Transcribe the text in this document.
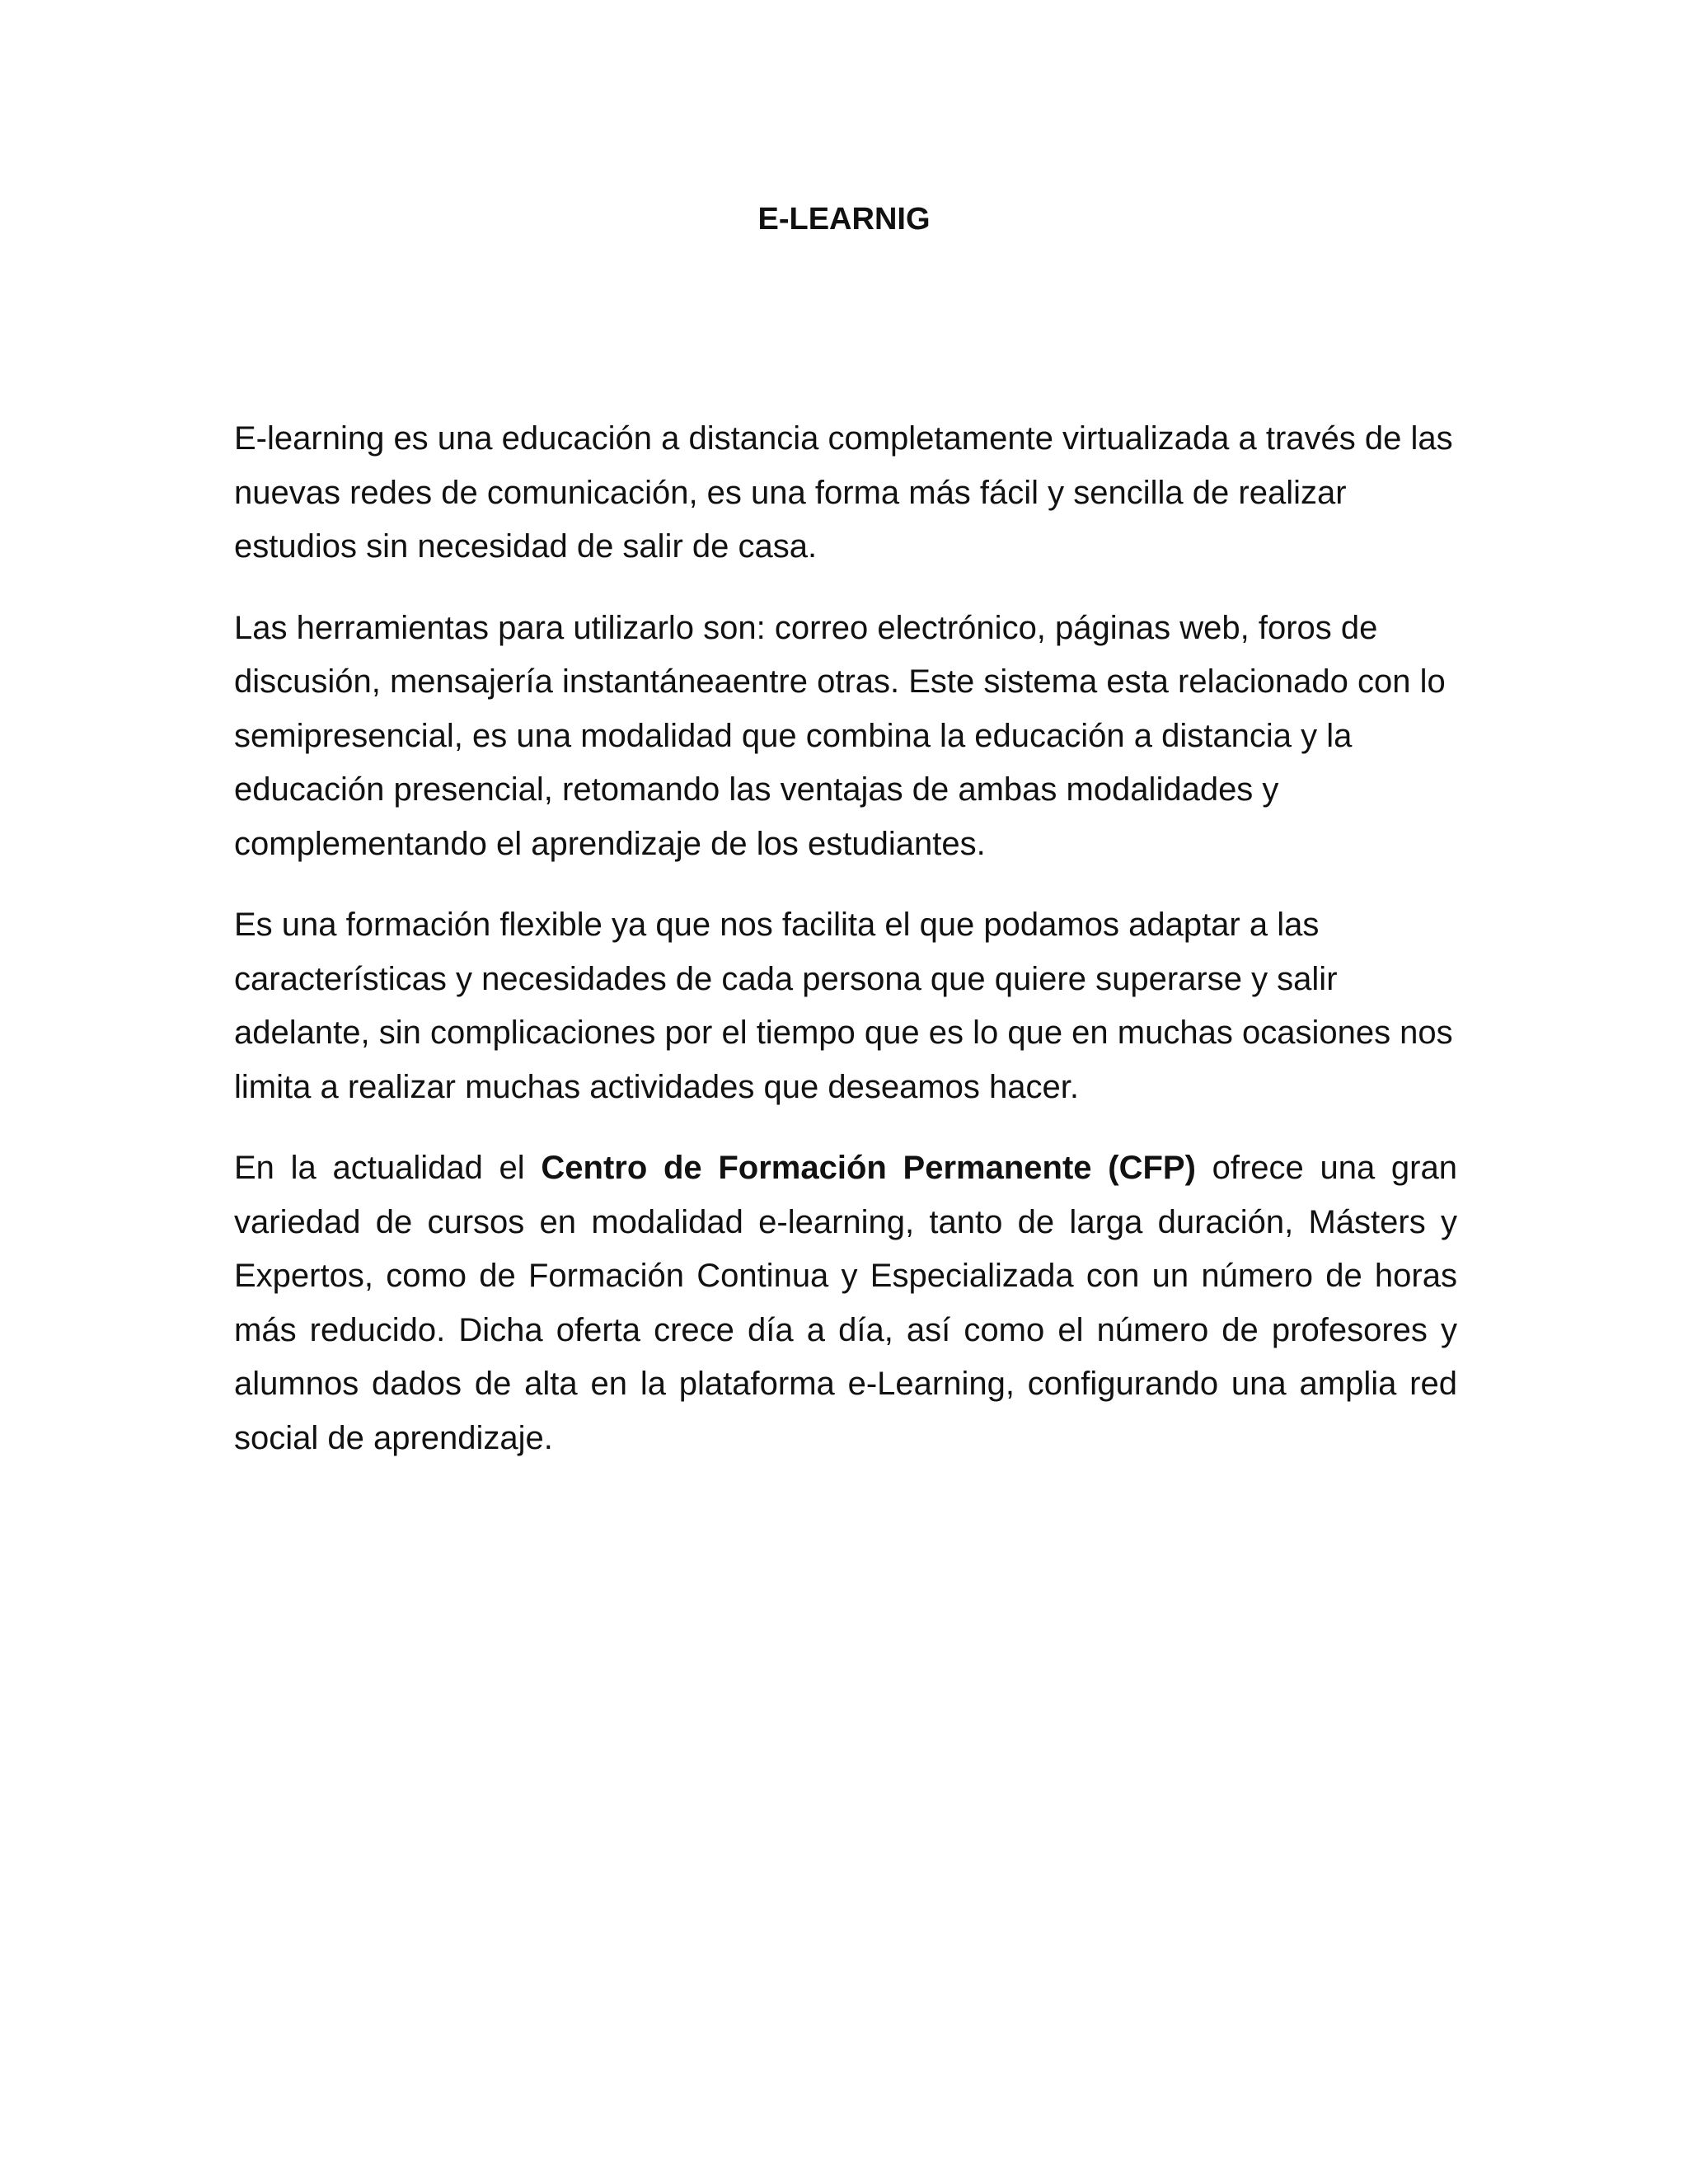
E-LEARNIG

E-learning es una educación a distancia completamente virtualizada a través de las nuevas redes de comunicación, es una forma más fácil y sencilla de realizar estudios sin necesidad de salir de casa.

Las herramientas para utilizarlo son: correo electrónico, páginas web, foros de discusión, mensajería instantáneaentre otras. Este sistema esta relacionado con lo semipresencial, es una modalidad que combina la educación a distancia y la educación presencial, retomando las ventajas de ambas modalidades y complementando el aprendizaje de los estudiantes.

Es una formación flexible ya que nos facilita el que podamos adaptar a las características y necesidades de cada persona que quiere superarse y salir adelante, sin complicaciones por el tiempo que es lo que en muchas ocasiones nos limita a realizar muchas actividades que deseamos hacer.

En la actualidad el Centro de Formación Permanente (CFP) ofrece una gran variedad de cursos en modalidad e-learning, tanto de larga duración, Másters y Expertos, como de Formación Continua y Especializada con un número de horas más reducido. Dicha oferta crece día a día, así como el número de profesores y alumnos dados de alta en la plataforma e-Learning, configurando una amplia red social de aprendizaje.
